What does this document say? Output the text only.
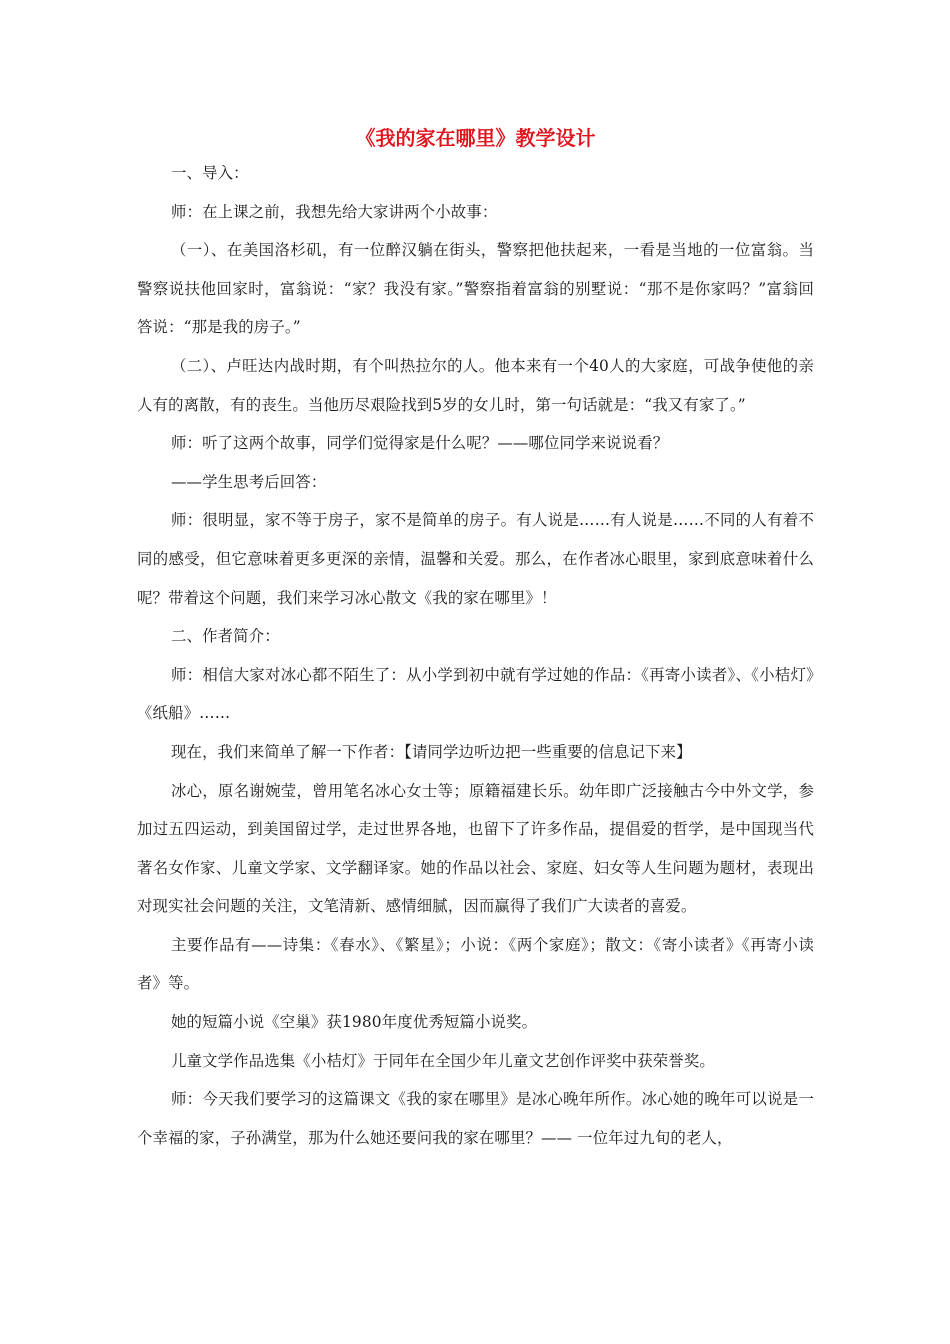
《我的家在哪里》教学设计

一、导入：

师：在上课之前，我想先给大家讲两个小故事：

（一）、在美国洛杉矶，有一位醉汉躺在街头，警察把他扶起来，一看是当地的一位富翁。当警察说扶他回家时，富翁说：“家？我没有家。”警察指着富翁的别墅说：“那不是你家吗？”富翁回答说：“那是我的房子。”

（二）、卢旺达内战时期，有个叫热拉尔的人。他本来有一个40人的大家庭，可战争使他的亲人有的离散，有的丧生。当他历尽艰险找到5岁的女儿时，第一句话就是：“我又有家了。”

师：听了这两个故事，同学们觉得家是什么呢？——哪位同学来说说看？

——学生思考后回答：

师：很明显，家不等于房子，家不是简单的房子。有人说是……有人说是……不同的人有着不同的感受，但它意味着更多更深的亲情，温馨和关爱。那么，在作者冰心眼里，家到底意味着什么呢？带着这个问题，我们来学习冰心散文《我的家在哪里》！

二、作者简介：

师：相信大家对冰心都不陌生了：从小学到初中就有学过她的作品：《再寄小读者》、《小桔灯》《纸船》……

现在，我们来简单了解一下作者：【请同学边听边把一些重要的信息记下来】

冰心，原名谢婉莹，曾用笔名冰心女士等；原籍福建长乐。幼年即广泛接触古今中外文学，参加过五四运动，到美国留过学，走过世界各地，也留下了许多作品，提倡爱的哲学，是中国现当代著名女作家、儿童文学家、文学翻译家。她的作品以社会、家庭、妇女等人生问题为题材，表现出对现实社会问题的关注，文笔清新、感情细腻，因而赢得了我们广大读者的喜爱。

主要作品有——诗集：《春水》、《繁星》；小说：《两个家庭》；散文：《寄小读者》《再寄小读者》等。

她的短篇小说《空巢》获1980年度优秀短篇小说奖。

儿童文学作品选集《小桔灯》于同年在全国少年儿童文艺创作评奖中获荣誉奖。

师：今天我们要学习的这篇课文《我的家在哪里》是冰心晚年所作。冰心她的晚年可以说是一个幸福的家，子孙满堂，那为什么她还要问我的家在哪里？—— 一位年过九旬的老人，
